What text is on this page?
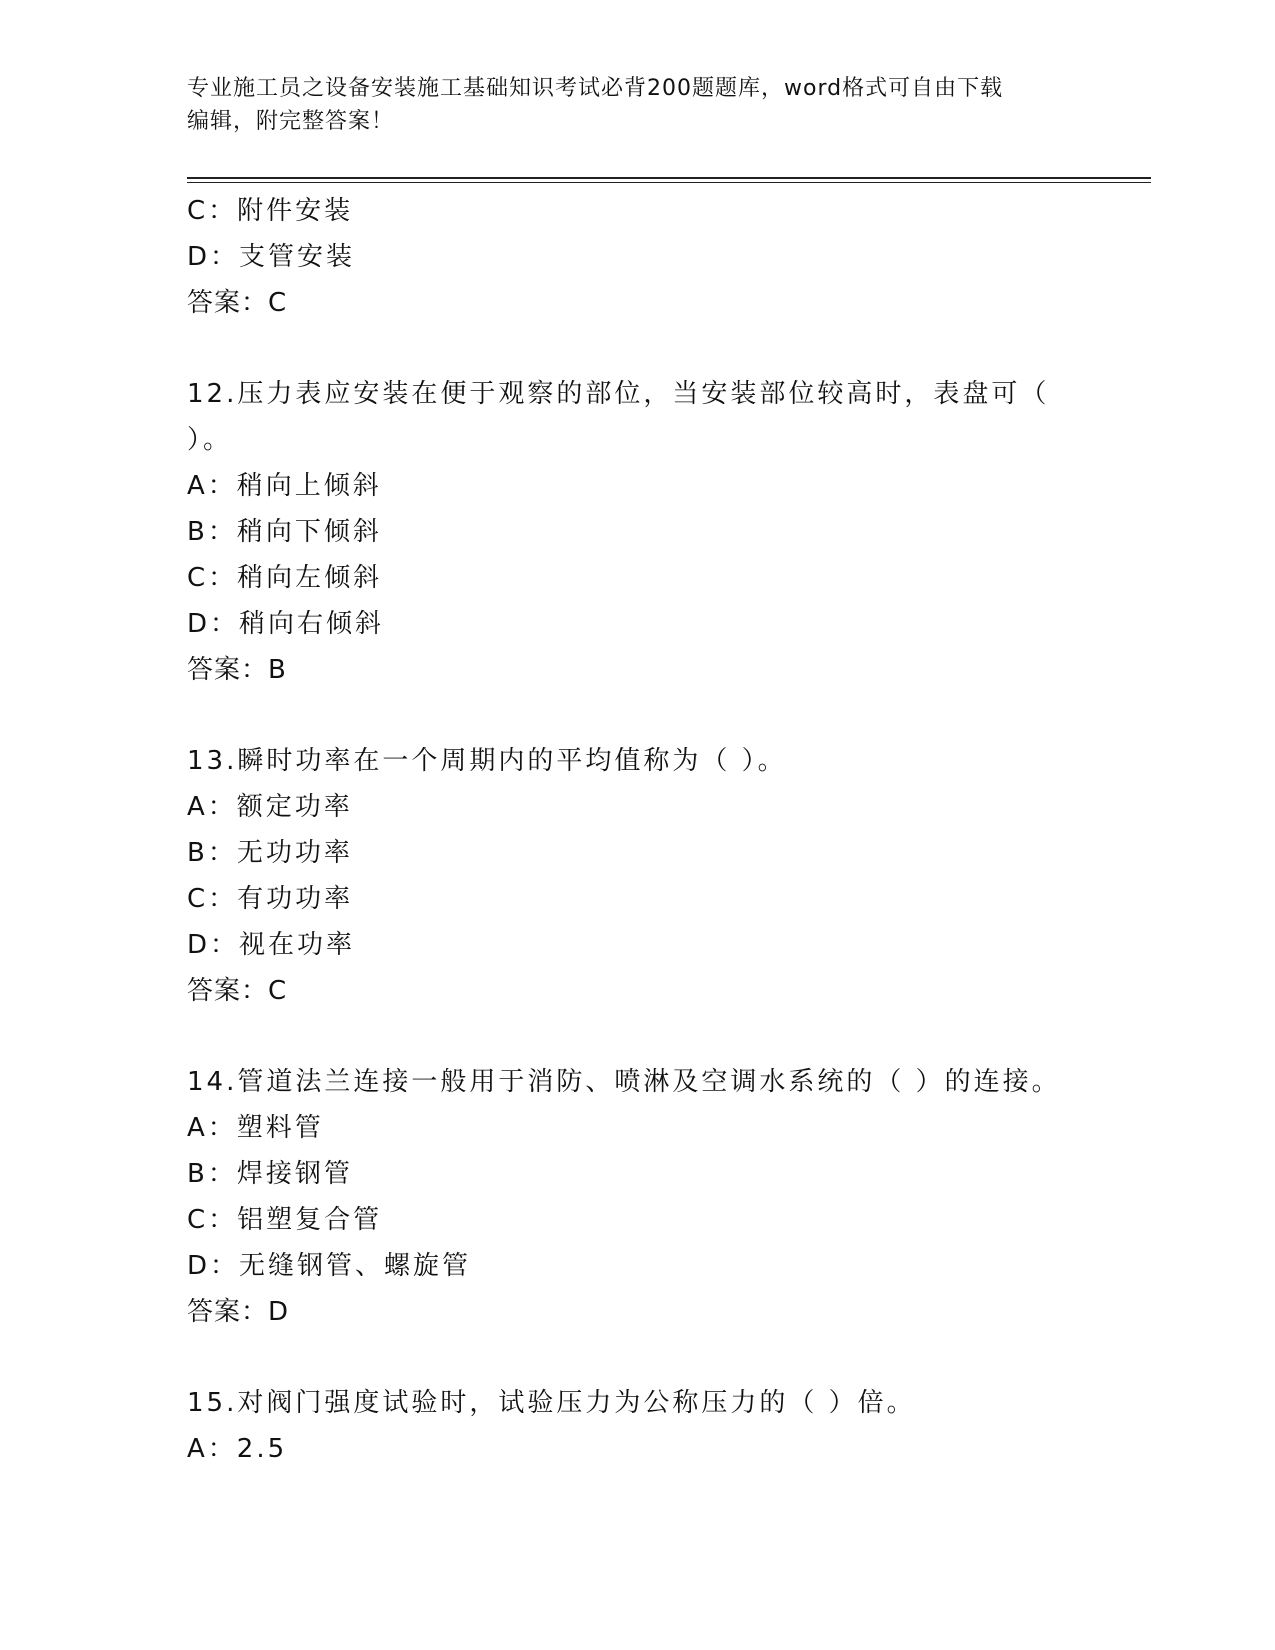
专业施工员之设备安装施工基础知识考试必背200题题库，word格式可自由下载
编辑，附完整答案！
C：附件安装
D：支管安装
答案：C
12.压力表应安装在便于观察的部位，当安装部位较高时，表盘可（
）。
A：稍向上倾斜
B：稍向下倾斜
C：稍向左倾斜
D：稍向右倾斜
答案：B
13.瞬时功率在一个周期内的平均值称为（ ）。
A：额定功率
B：无功功率
C：有功功率
D：视在功率
答案：C
14.管道法兰连接一般用于消防、喷淋及空调水系统的（ ）的连接。
A：塑料管
B：焊接钢管
C：铝塑复合管
D：无缝钢管、螺旋管
答案：D
15.对阀门强度试验时，试验压力为公称压力的（ ）倍。
A：2.5
